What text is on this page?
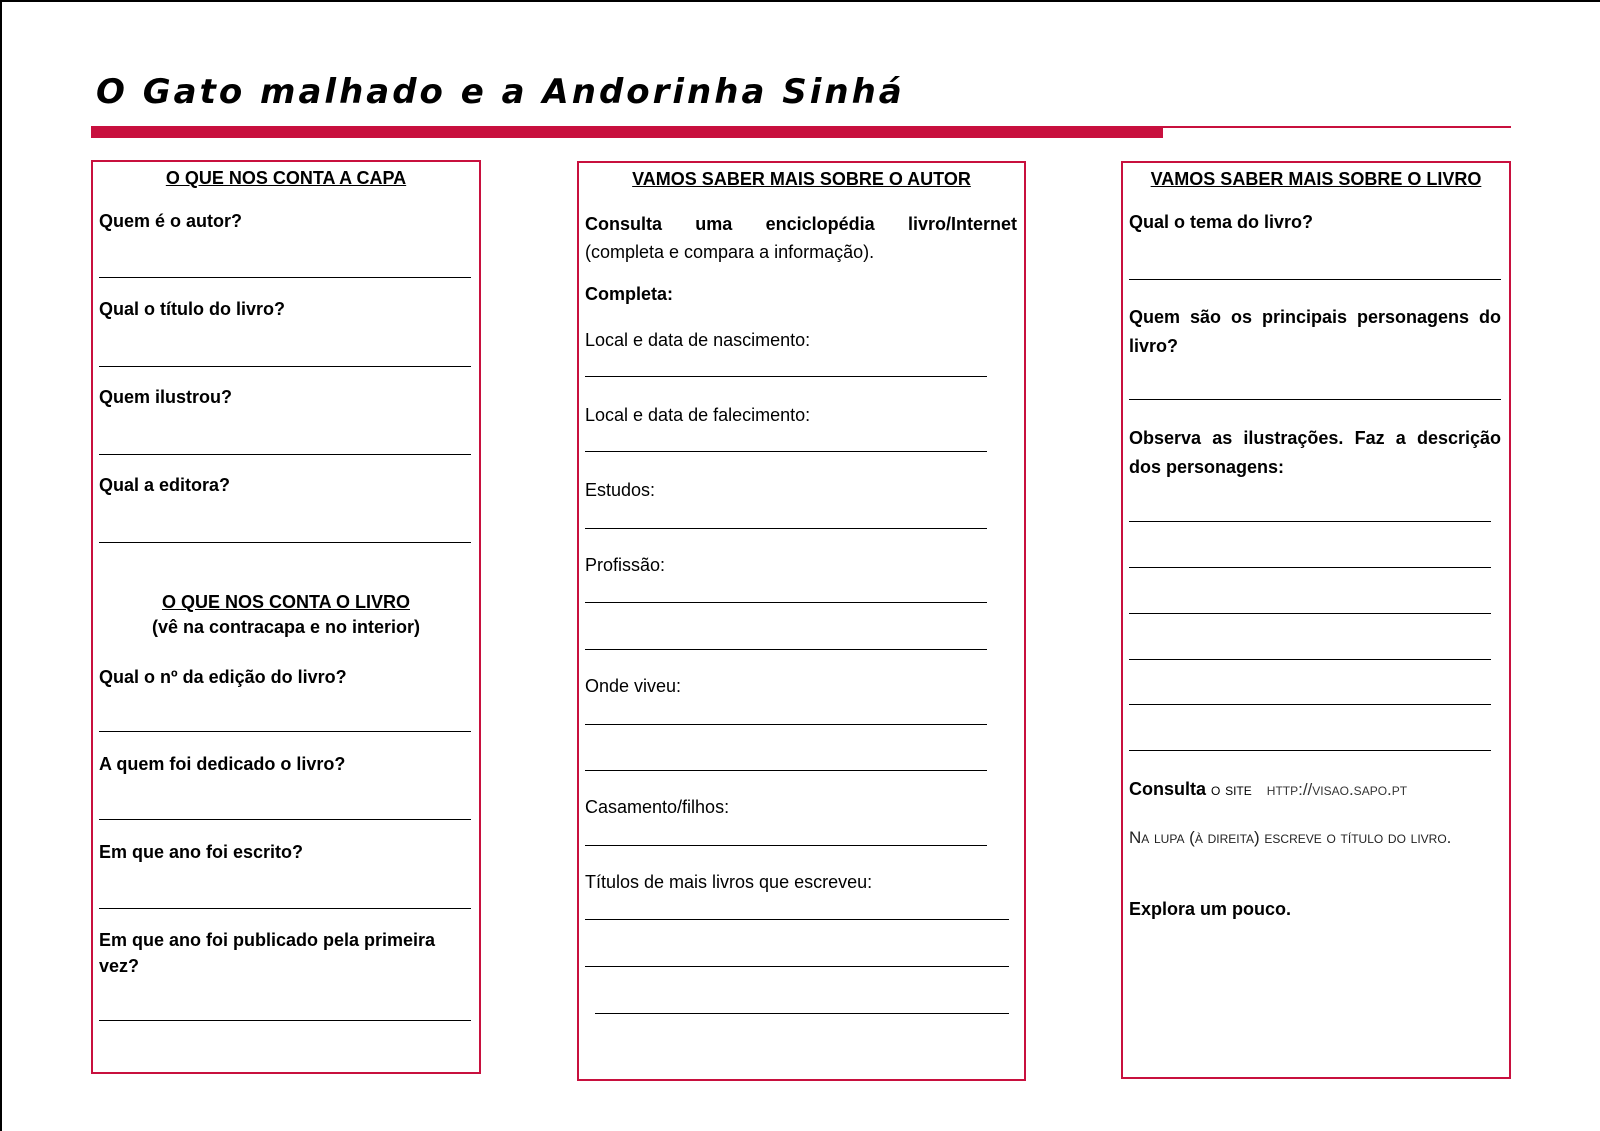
O Gato malhado e a Andorinha Sinhá

O QUE NOS CONTA A CAPA

Quem é o autor?

Qual o título do livro?

Quem ilustrou?

Qual a editora?

O QUE NOS CONTA O LIVRO

(vê na contracapa e no interior)

Qual o nº da edição do livro?

A quem foi dedicado o livro?

Em que ano foi escrito?

Em que ano foi publicado pela primeira vez?

VAMOS SABER MAIS SOBRE O AUTOR

Consulta uma enciclopédia livro/Internet

(completa e compara a informação).

Completa:

Local e data de nascimento:

Local e data de falecimento:

Estudos:

Profissão:

Onde viveu:

Casamento/filhos:

Títulos de mais livros que escreveu:

VAMOS SABER MAIS SOBRE O LIVRO

Qual o tema do livro?

Quem são os principais personagens do livro?

Observa as ilustrações. Faz a descrição dos personagens:

Consulta o site http://visao.sapo.pt

Na lupa (à direita) escreve o título do livro.

Explora um pouco.
